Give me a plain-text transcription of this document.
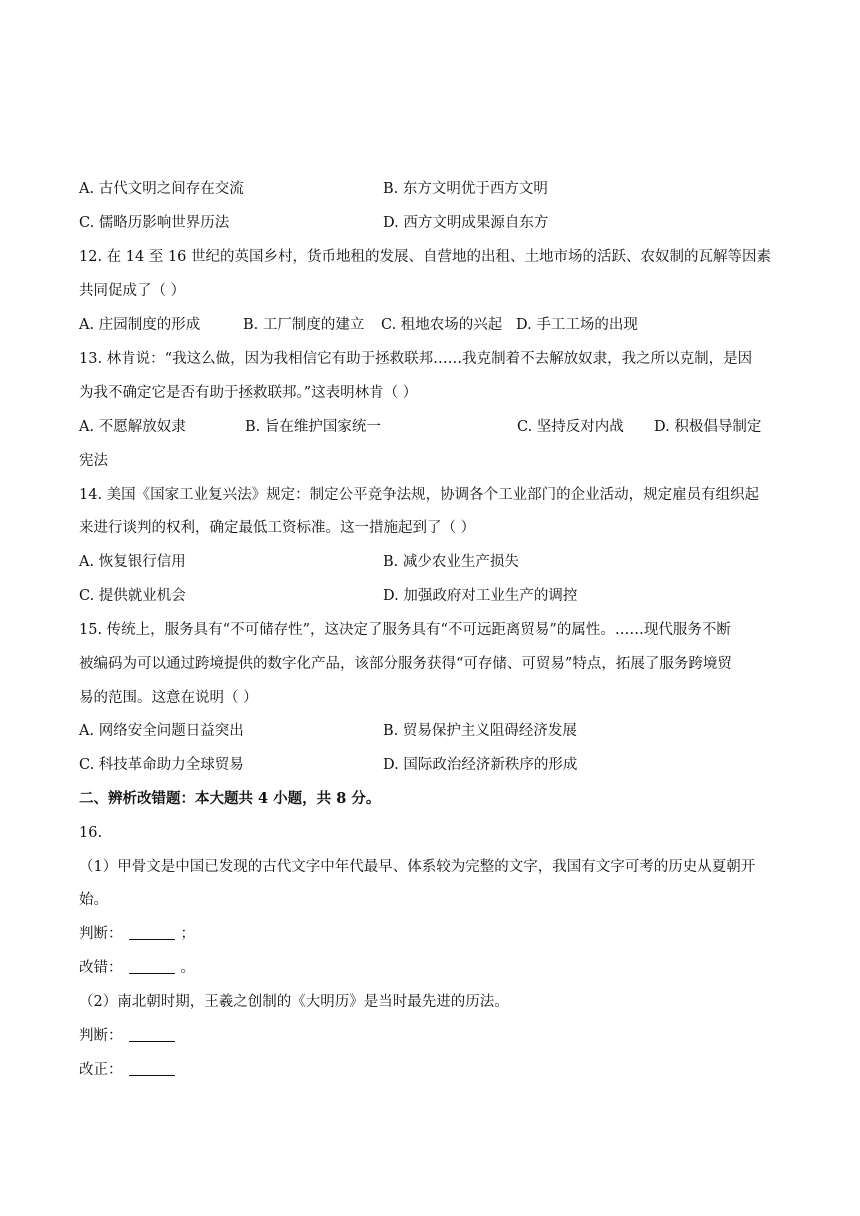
A. 古代文明之间存在交流	B. 东方文明优于西方文明
C. 儒略历影响世界历法	D. 西方文明成果源自东方
12. 在 14 至 16 世纪的英国乡村，货币地租的发展、自营地的出租、土地市场的活跃、农奴制的瓦解等因素
共同促成了（ ）
A. 庄园制度的形成	B. 工厂制度的建立 C. 租地农场的兴起 D. 手工工场的出现
13. 林肯说：“我这么做，因为我相信它有助于拯救联邦……我克制着不去解放奴隶，我之所以克制，是因
为我不确定它是否有助于拯救联邦。”这表明林肯（ ）
A. 不愿解放奴隶	B. 旨在维护国家统一	C. 坚持反对内战 D. 积极倡导制定
宪法
14. 美国《国家工业复兴法》规定：制定公平竞争法规，协调各个工业部门的企业活动，规定雇员有组织起
来进行谈判的权利，确定最低工资标准。这一措施起到了（ ）
A. 恢复银行信用	B. 减少农业生产损失
C. 提供就业机会	D. 加强政府对工业生产的调控
15. 传统上，服务具有“不可储存性”，这决定了服务具有“不可远距离贸易”的属性。……现代服务不断
被编码为可以通过跨境提供的数字化产品，该部分服务获得“可存储、可贸易”特点，拓展了服务跨境贸
易的范围。这意在说明（ ）
A. 网络安全问题日益突出	B. 贸易保护主义阻碍经济发展
C. 科技革命助力全球贸易	D. 国际政治经济新秩序的形成
二、辨析改错题：本大题共 4 小题，共 8 分。
16.
（1）甲骨文是中国已发现的古代文字中年代最早、体系较为完整的文字，我国有文字可考的历史从夏朝开
始。
判断：	；
改错：	。
（2）南北朝时期，王羲之创制的《大明历》是当时最先进的历法。
判断：
改正：
